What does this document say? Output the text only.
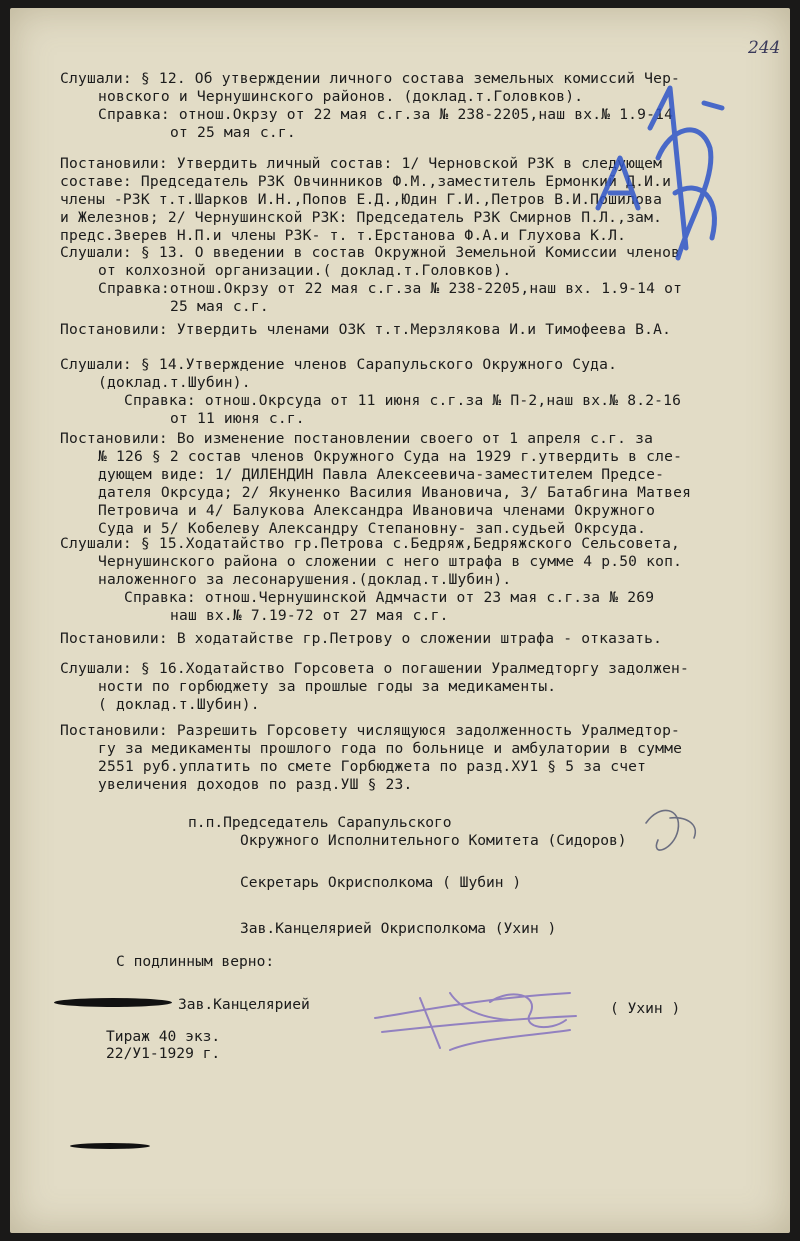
244

Слушали: § 12. Об утверждении личного состава земельных комиссий Чер-

новского и Чернушинского районов. (доклад.т.Головков).

Справка: отнош.Окрзу от 22 мая с.г.за № 238-2205,наш вх.№ 1.9-14

от 25 мая с.г.

Постановили: Утвердить личный состав: 1/ Черновской РЗК в следующем

составе: Председатель РЗК Овчинников Ф.М.,заместитель Ермонкий Д.И.и

члены -РЗК т.т.Шарков И.Н.,Попов Е.Д.,Юдин Г.И.,Петров В.И.Пошилова

и Железнов; 2/ Чернушинской РЗК: Председатель РЗК Смирнов П.Л.,зам.

предс.Зверев Н.П.и члены РЗК- т. т.Ерстанова Ф.А.и Глухова К.Л.

Слушали: § 13. О введении в состав Окружной Земельной Комиссии членов

от колхозной организации.( доклад.т.Головков).

Справка:отнош.Окрзу от 22 мая с.г.за № 238-2205,наш вх. 1.9-14 от

25 мая с.г.

Постановили: Утвердить членами ОЗК т.т.Мерзлякова И.и Тимофеева В.А.

Слушали: § 14.Утверждение членов Сарапульского Окружного Суда.

(доклад.т.Шубин).

Справка: отнош.Окрсуда от 11 июня с.г.за № П-2,наш вх.№ 8.2-16

от 11 июня с.г.

Постановили: Во изменение постановлении своего от 1 апреля с.г. за

№ 126 § 2 состав членов Окружного Суда на 1929 г.утвердить в сле-

дующем виде: 1/ ДИЛЕНДИН Павла Алексеевича-заместителем Предсе-

дателя Окрсуда; 2/ Якуненко Василия Ивановича, 3/ Батабгина Матвея

Петровича и 4/ Балукова Александра Ивановича членами Окружного

Суда и 5/ Кобелеву Александру Степановну- зап.судьей Окрсуда.

Слушали: § 15.Ходатайство гр.Петрова с.Бедряж,Бедряжского Сельсовета,

Чернушинского района о сложении с него штрафа в сумме 4 р.50 коп.

наложенного за лесонарушения.(доклад.т.Шубин).

Справка: отнош.Чернушинской Адмчасти от 23 мая с.г.за № 269

наш вх.№ 7.19-72 от 27 мая с.г.

Постановили: В ходатайстве гр.Петрову о сложении штрафа - отказать.

Слушали: § 16.Ходатайство Горсовета о погашении Уралмедторгу задолжен-

ности по горбюджету за прошлые годы за медикаменты.

( доклад.т.Шубин).

Постановили: Разрешить Горсовету числящуюся задолженность Уралмедтор-

гу за медикаменты прошлого года по больнице и амбулатории в сумме

2551 руб.уплатить по смете Горбюджета по разд.ХУ1 § 5 за счет

увеличения доходов по разд.УШ § 23.

п.п.Председатель Сарапульского
Окружного Исполнительного Комитета (Сидоров)
Секретарь Окрисполкома ( Шубин )
Зав.Канцелярией Окрисполкома (Ухин )
С подлинным верно:
Зав.Канцелярией	( Ухин )
Тираж 40 экз.
22/У1-1929 г.
